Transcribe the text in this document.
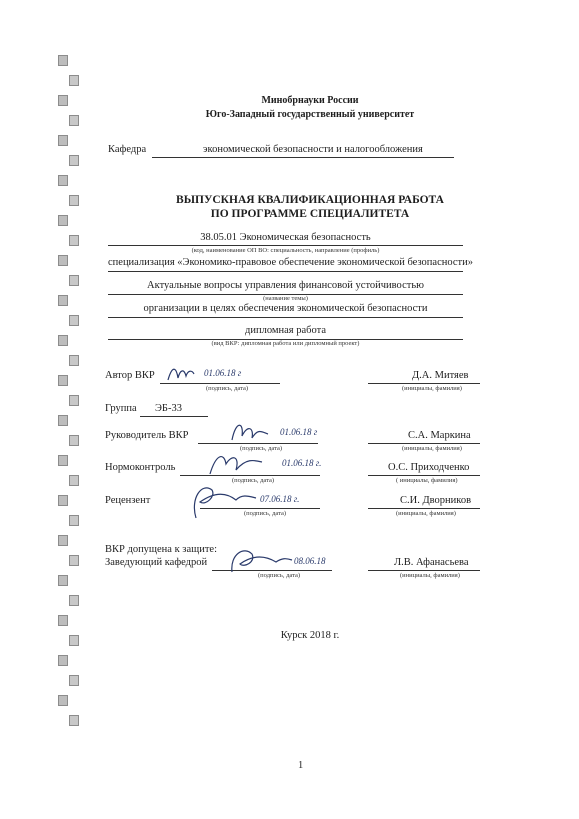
Минобрнауки России
Юго-Западный государственный университет
Кафедра	экономической безопасности и налогообложения
ВЫПУСКНАЯ КВАЛИФИКАЦИОННАЯ РАБОТА
ПО ПРОГРАММЕ СПЕЦИАЛИТЕТА
38.05.01 Экономическая безопасность
(код, наименование ОП ВО: специальность, направление (профиль)
специализация «Экономико-правовое обеспечение экономической безопасности»
Актуальные вопросы управления финансовой устойчивостью
(название темы)
организации в целях обеспечения экономической безопасности
дипломная работа
(вид ВКР: дипломная работа или дипломный проект)
Автор ВКР
(подпись, дата)
Д.А. Митяев
(инициалы, фамилия)
01.06.18 г
Группа ЭБ-33
Руководитель ВКР
(подпись, дата)
С.А. Маркина
(инициалы, фамилия)
01.06.18 г
Нормоконтроль
(подпись, дата)
О.С. Приходченко
( инициалы, фамилия)
01.06.18 г.
Рецензент
(подпись, дата)
С.И. Дворников
(инициалы, фамилия)
07.06.18 г.
ВКР допущена к защите:
Заведующий кафедрой
(подпись, дата)
Л.В. Афанасьева
(инициалы, фамилия)
08.06.18
Курск 2018 г.
1
